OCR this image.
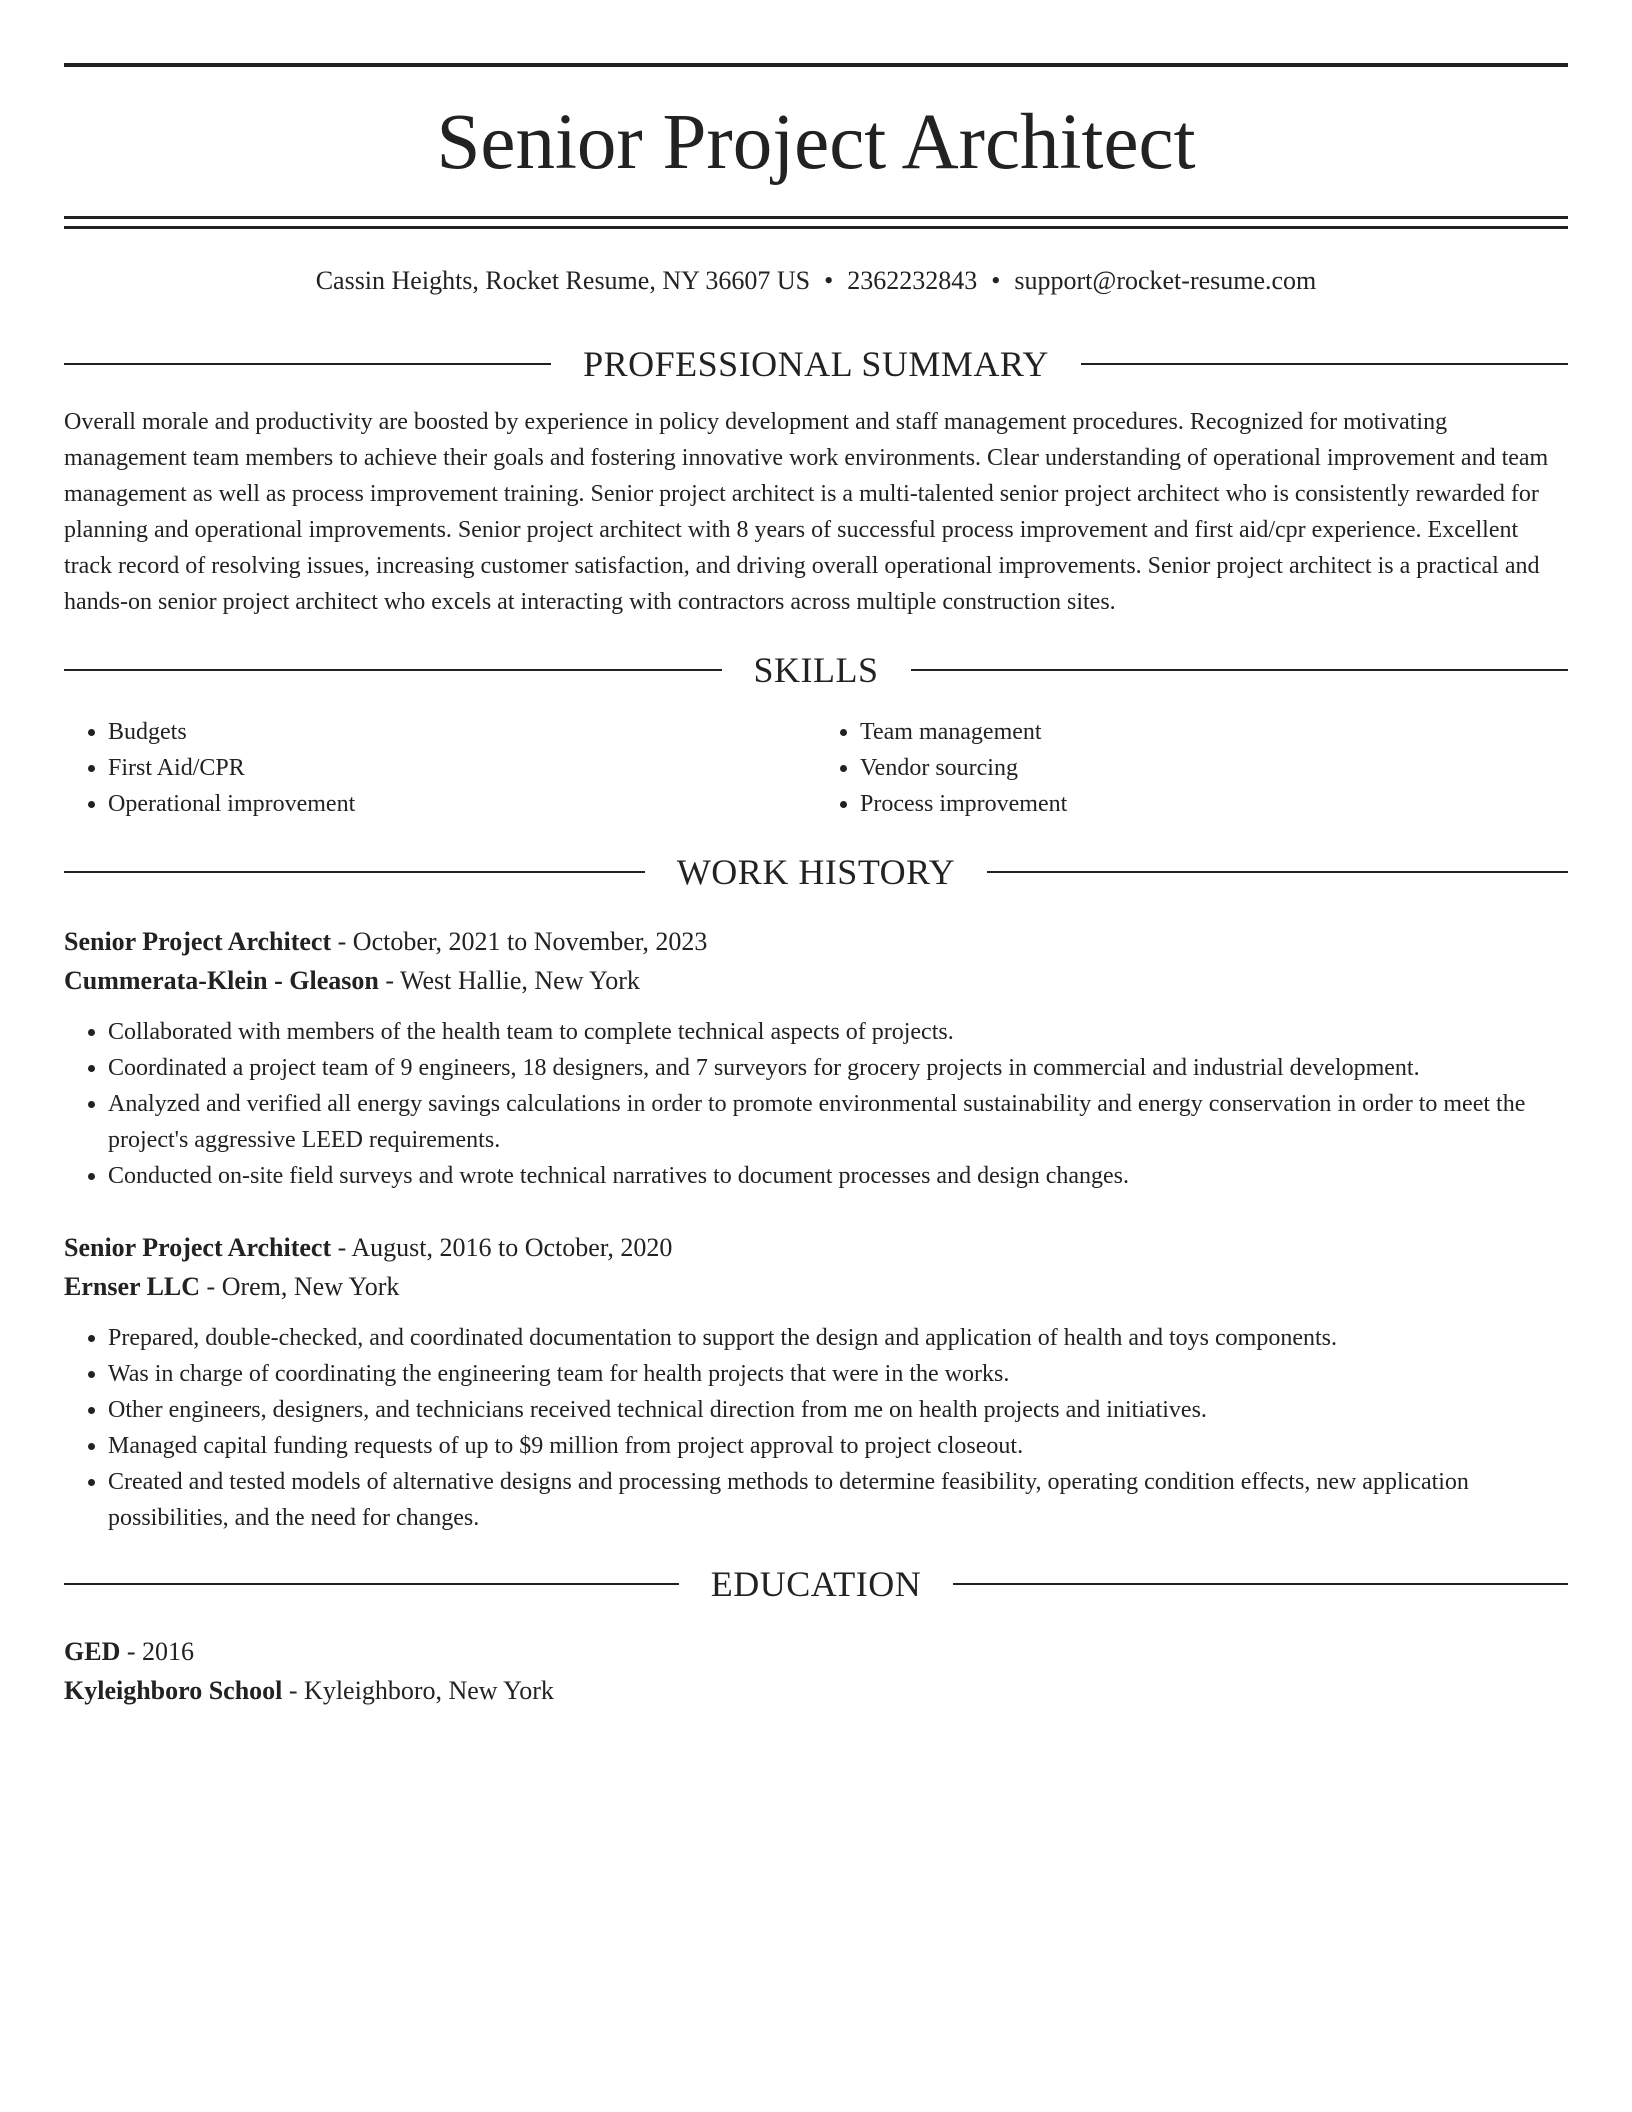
Senior Project Architect
Cassin Heights, Rocket Resume, NY 36607 US • 2362232843 • support@rocket-resume.com
PROFESSIONAL SUMMARY

Overall morale and productivity are boosted by experience in policy development and staff management procedures. Recognized for motivating management team members to achieve their goals and fostering innovative work environments. Clear understanding of operational improvement and team management as well as process improvement training. Senior project architect is a multi-talented senior project architect who is consistently rewarded for planning and operational improvements. Senior project architect with 8 years of successful process improvement and first aid/cpr experience. Excellent track record of resolving issues, increasing customer satisfaction, and driving overall operational improvements. Senior project architect is a practical and hands-on senior project architect who excels at interacting with contractors across multiple construction sites.

SKILLS
• Budgets
• First Aid/CPR
• Operational improvement
• Team management
• Vendor sourcing
• Process improvement
WORK HISTORY
Senior Project Architect - October, 2021 to November, 2023
Cummerata-Klein - Gleason - West Hallie, New York
• Collaborated with members of the health team to complete technical aspects of projects.
• Coordinated a project team of 9 engineers, 18 designers, and 7 surveyors for grocery projects in commercial and industrial development.
• Analyzed and verified all energy savings calculations in order to promote environmental sustainability and energy conservation in order to meet the project's aggressive LEED requirements.
• Conducted on-site field surveys and wrote technical narratives to document processes and design changes.
Senior Project Architect - August, 2016 to October, 2020
Ernser LLC - Orem, New York
• Prepared, double-checked, and coordinated documentation to support the design and application of health and toys components.
• Was in charge of coordinating the engineering team for health projects that were in the works.
• Other engineers, designers, and technicians received technical direction from me on health projects and initiatives.
• Managed capital funding requests of up to $9 million from project approval to project closeout.
• Created and tested models of alternative designs and processing methods to determine feasibility, operating condition effects, new application possibilities, and the need for changes.
EDUCATION
GED - 2016
Kyleighboro School - Kyleighboro, New York
